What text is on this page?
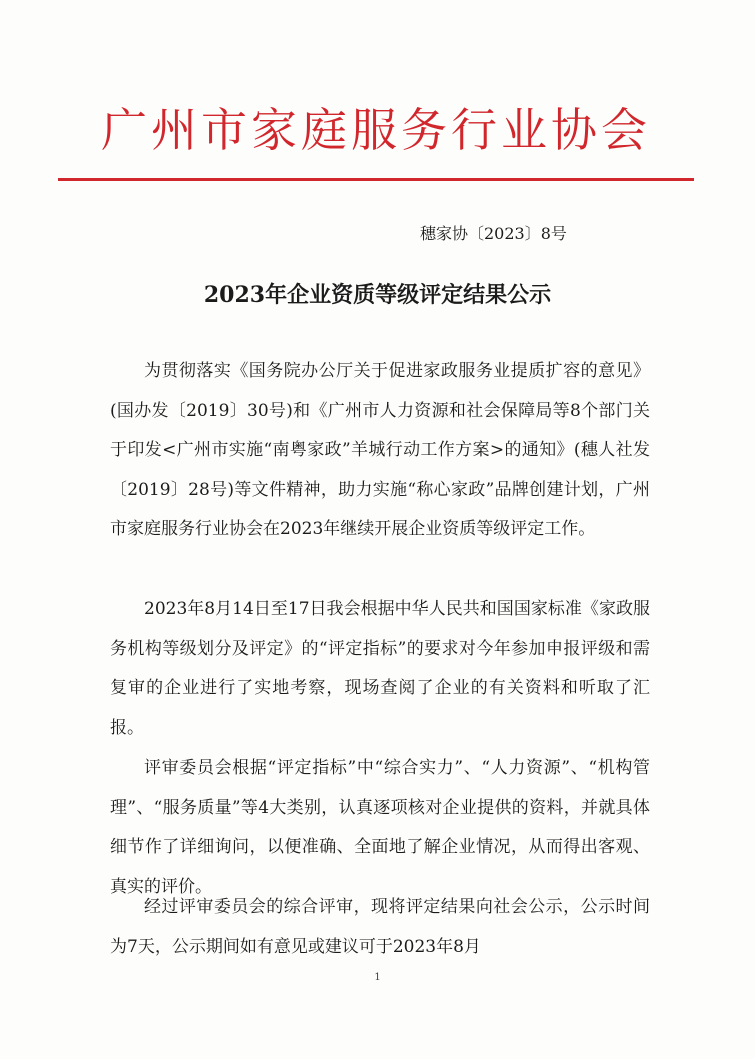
广州市家庭服务行业协会
穗家协〔2023〕8号
2023年企业资质等级评定结果公示

为贯彻落实《国务院办公厅关于促进家政服务业提质扩容的意见》(国办发〔2019〕30号)和《广州市人力资源和社会保障局等8个部门关于印发<广州市实施“南粤家政”羊城行动工作方案>的通知》(穗人社发〔2019〕28号)等文件精神，助力实施“称心家政”品牌创建计划，广州市家庭服务行业协会在2023年继续开展企业资质等级评定工作。

2023年8月14日至17日我会根据中华人民共和国国家标准《家政服务机构等级划分及评定》的“评定指标”的要求对今年参加申报评级和需复审的企业进行了实地考察，现场查阅了企业的有关资料和听取了汇报。

评审委员会根据“评定指标”中“综合实力”、“人力资源”、“机构管理”、“服务质量”等4大类别，认真逐项核对企业提供的资料，并就具体细节作了详细询问，以便准确、全面地了解企业情况，从而得出客观、真实的评价。

经过评审委员会的综合评审，现将评定结果向社会公示，公示时间为7天，公示期间如有意见或建议可于2023年8月

1
